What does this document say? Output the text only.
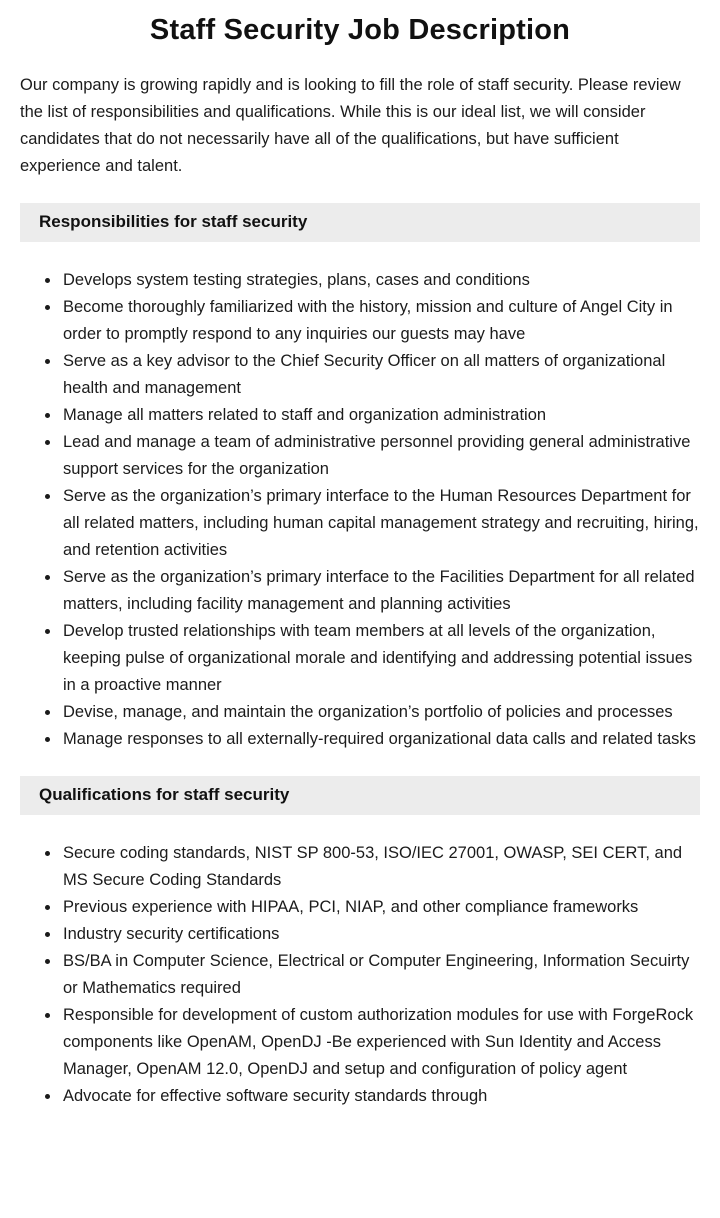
Staff Security Job Description

Our company is growing rapidly and is looking to fill the role of staff security. Please review the list of responsibilities and qualifications. While this is our ideal list, we will consider candidates that do not necessarily have all of the qualifications, but have sufficient experience and talent.

Responsibilities for staff security
• Develops system testing strategies, plans, cases and conditions
• Become thoroughly familiarized with the history, mission and culture of Angel City in order to promptly respond to any inquiries our guests may have
• Serve as a key advisor to the Chief Security Officer on all matters of organizational health and management
• Manage all matters related to staff and organization administration
• Lead and manage a team of administrative personnel providing general administrative support services for the organization
• Serve as the organization’s primary interface to the Human Resources Department for all related matters, including human capital management strategy and recruiting, hiring, and retention activities
• Serve as the organization’s primary interface to the Facilities Department for all related matters, including facility management and planning activities
• Develop trusted relationships with team members at all levels of the organization, keeping pulse of organizational morale and identifying and addressing potential issues in a proactive manner
• Devise, manage, and maintain the organization’s portfolio of policies and processes
• Manage responses to all externally-required organizational data calls and related tasks
Qualifications for staff security
• Secure coding standards, NIST SP 800-53, ISO/IEC 27001, OWASP, SEI CERT, and MS Secure Coding Standards
• Previous experience with HIPAA, PCI, NIAP, and other compliance frameworks
• Industry security certifications
• BS/BA in Computer Science, Electrical or Computer Engineering, Information Secuirty or Mathematics required
• Responsible for development of custom authorization modules for use with ForgeRock components like OpenAM, OpenDJ -Be experienced with Sun Identity and Access Manager, OpenAM 12.0, OpenDJ and setup and configuration of policy agent
• Advocate for effective software security standards through
